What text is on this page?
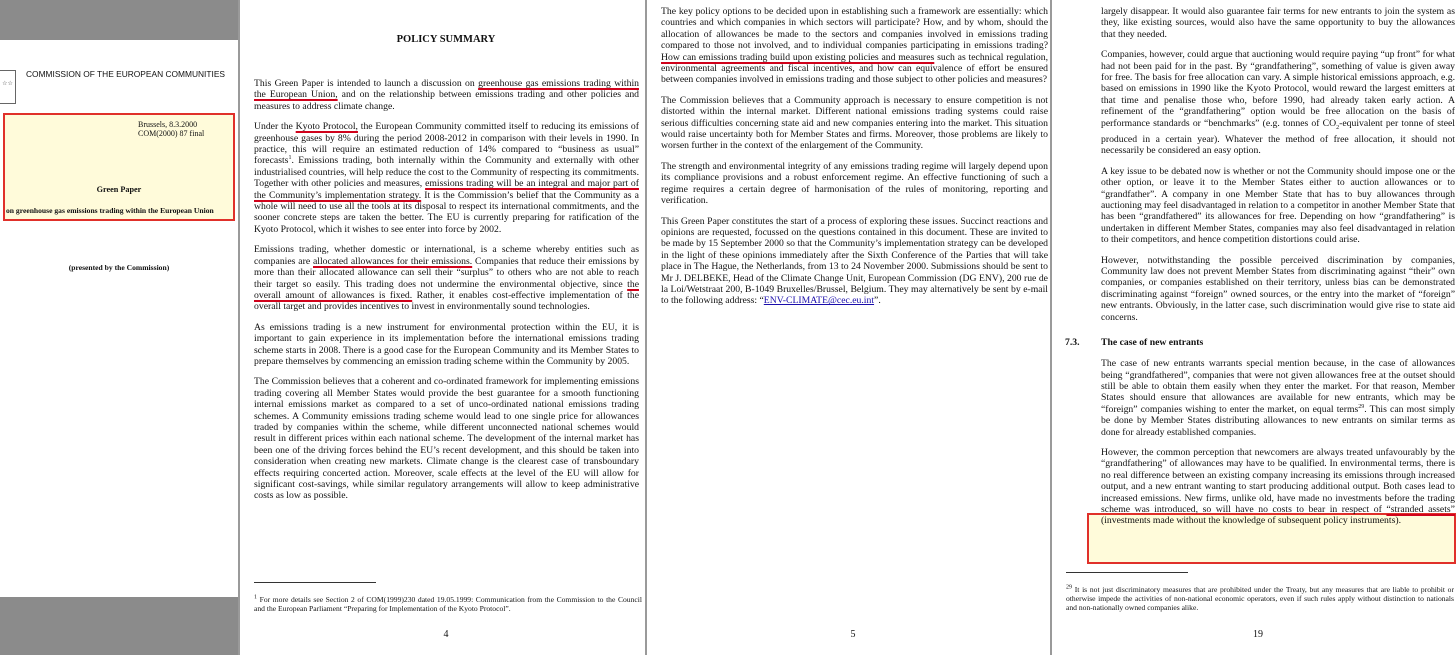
☆☆
COMMISSION OF THE EUROPEAN COMMUNITIES
Brussels, 8.3.2000
COM(2000) 87 final
Green Paper
on greenhouse gas emissions trading within the European Union
(presented by the Commission)
POLICY SUMMARY

This Green Paper is intended to launch a discussion on greenhouse gas emissions trading within the European Union, and on the relationship between emissions trading and other policies and measures to address climate change.

Under the Kyoto Protocol, the European Community committed itself to reducing its emissions of greenhouse gases by 8% during the period 2008-2012 in comparison with their levels in 1990. In practice, this will require an estimated reduction of 14% compared to “business as usual” forecasts$^1$. Emissions trading, both internally within the Community and externally with other industrialised countries, will help reduce the cost to the Community of respecting its commitments. Together with other policies and measures, emissions trading will be an integral and major part of the Community’s implementation strategy. It is the Commission’s belief that the Community as a whole will need to use all the tools at its disposal to respect its international commitments, and the sooner concrete steps are taken the better. The EU is currently preparing for ratification of the Kyoto Protocol, which it wishes to see enter into force by 2002.

Emissions trading, whether domestic or international, is a scheme whereby entities such as companies are allocated allowances for their emissions. Companies that reduce their emissions by more than their allocated allowance can sell their “surplus” to others who are not able to reach their target so easily. This trading does not undermine the environmental objective, since the overall amount of allowances is fixed. Rather, it enables cost-effective implementation of the overall target and provides incentives to invest in environmentally sound technologies.

As emissions trading is a new instrument for environmental protection within the EU, it is important to gain experience in its implementation before the international emissions trading scheme starts in 2008. There is a good case for the European Community and its Member States to prepare themselves by commencing an emission trading scheme within the Community by 2005.

The Commission believes that a coherent and co-ordinated framework for implementing emissions trading covering all Member States would provide the best guarantee for a smooth functioning internal emissions market as compared to a set of unco-ordinated national emissions trading schemes. A Community emissions trading scheme would lead to one single price for allowances traded by companies within the scheme, while different unconnected national schemes would result in different prices within each national scheme. The development of the internal market has been one of the driving forces behind the EU’s recent development, and this should be taken into consideration when creating new markets. Climate change is the clearest case of transboundary effects requiring concerted action. Moreover, scale effects at the level of the EU will allow for significant cost-savings, while similar regulatory arrangements will allow to keep administrative costs as low as possible.

$^1$ For more details see Section 2 of COM(1999)230 dated 19.05.1999: Communication from the Commission to the Council and the European Parliament “Preparing for Implementation of the Kyoto Protocol”.
4

The key policy options to be decided upon in establishing such a framework are essentially: which countries and which companies in which sectors will participate? How, and by whom, should the allocation of allowances be made to the sectors and companies involved in emissions trading compared to those not involved, and to individual companies participating in emissions trading? How can emissions trading build upon existing policies and measures such as technical regulation, environmental agreements and fiscal incentives, and how can equivalence of effort be ensured between companies involved in emissions trading and those subject to other policies and measures?

The Commission believes that a Community approach is necessary to ensure competition is not distorted within the internal market. Different national emissions trading systems could raise serious difficulties concerning state aid and new companies entering into the market. This situation would raise uncertainty both for Member States and firms. Moreover, those problems are likely to worsen further in the context of the enlargement of the Community.

The strength and environmental integrity of any emissions trading regime will largely depend upon its compliance provisions and a robust enforcement regime. An effective functioning of such a regime requires a certain degree of harmonisation of the rules of monitoring, reporting and verification.

This Green Paper constitutes the start of a process of exploring these issues. Succinct reactions and opinions are requested, focussed on the questions contained in this document. These are invited to be made by 15 September 2000 so that the Community’s implementation strategy can be developed in the light of these opinions immediately after the Sixth Conference of the Parties that will take place in The Hague, the Netherlands, from 13 to 24 November 2000. Submissions should be sent to Mr J. DELBEKE, Head of the Climate Change Unit, European Commission (DG ENV), 200 rue de la Loi/Wetstraat 200, B-1049 Bruxelles/Brussel, Belgium. They may alternatively be sent by e-mail to the following address: “ENV-CLIMATE@cec.eu.int”.

5

largely disappear. It would also guarantee fair terms for new entrants to join the system as they, like existing sources, would also have the same opportunity to buy the allowances that they needed.

Companies, however, could argue that auctioning would require paying “up front” for what had not been paid for in the past. By “grandfathering”, something of value is given away for free. The basis for free allocation can vary. A simple historical emissions approach, e.g. based on emissions in 1990 like the Kyoto Protocol, would reward the largest emitters at that time and penalise those who, before 1990, had already taken early action. A refinement of the “grandfathering” option would be free allocation on the basis of performance standards or “benchmarks” (e.g. tonnes of $CO_2$-equivalent per tonne of steel produced in a certain year). Whatever the method of free allocation, it should not necessarily be considered an easy option.

A key issue to be debated now is whether or not the Community should impose one or the other option, or leave it to the Member States either to auction allowances or to “grandfather”. A company in one Member State that has to buy allowances through auctioning may feel disadvantaged in relation to a competitor in another Member State that has been “grandfathered” its allowances for free. Depending on how “grandfathering” is undertaken in different Member States, companies may also feel disadvantaged in relation to their competitors, and hence competition distortions could arise.

However, notwithstanding the possible perceived discrimination by companies, Community law does not prevent Member States from discriminating against “their” own companies, or companies established on their territory, unless bias can be demonstrated discriminating against “foreign” owned sources, or the entry into the market of “foreign” new entrants. Obviously, in the latter case, such discrimination would give rise to state aid concerns.

7.3. The case of new entrants

The case of new entrants warrants special mention because, in the case of allowances being “grandfathered”, companies that were not given allowances free at the outset should still be able to obtain them easily when they enter the market. For that reason, Member States should ensure that allowances are available for new entrants, which may be “foreign” companies wishing to enter the market, on equal terms$^{29}$. This can most simply be done by Member States distributing allowances to new entrants on similar terms as done for already established companies.

However, the common perception that newcomers are always treated unfavourably by the “grandfathering” of allowances may have to be qualified. In environmental terms, there is no real difference between an existing company increasing its emissions through increased output, and a new entrant wanting to start producing additional output. Both cases lead to increased emissions. New firms, unlike old, have made no investments before the trading scheme was introduced, so will have no costs to bear in respect of “stranded assets” (investments made without the knowledge of subsequent policy instruments).

$^{29}$ It is not just discriminatory measures that are prohibited under the Treaty, but any measures that are liable to prohibit or otherwise impede the activities of non-national economic operators, even if such rules apply without distinction to nationals and non-nationally owned companies alike.
19
